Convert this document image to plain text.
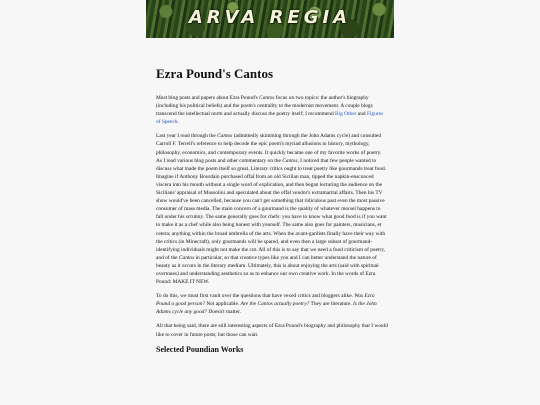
ARVA REGIA
Ezra Pound's Cantos

Most blog posts and papers about Ezra Pound's Cantos focus on two topics: the author's biography (including his political beliefs) and the poem's centrality to the modernist movement. A couple blogs transcend the intellectual norm and actually discuss the poetry itself; I recommend Big Other and Figures of Speech.

Last year I read through the Cantos (admittedly skimming through the John Adams cycle) and consulted Carroll F. Terrell's reference to help decode the epic poem's myriad allusions to history, mythology, philosophy, economics, and contemporary events. It quickly became one of my favorite works of poetry. As I read various blog posts and other commentary on the Cantos, I noticed that few people wanted to discuss what made the poem itself so great. Literary critics ought to treat poetry like gourmands treat food. Imagine if Anthony Bourdain purchased offal from an old Sicilian man, tipped the napkin-ensconced viscera into his mouth without a single word of explication, and then began lecturing the audience on the Sicilians' appraisal of Mussolini and speculated about the offal vendor's extramarital affairs. Then his TV show would've been cancelled, because you can't get something that ridiculous past even the most passive consumer of mass media. The main concern of a gourmand is the quality of whatever morsel happens to fall under his scrutiny. The same generally goes for chefs: you have to know what good food is if you want to make it as a chef while also being honest with yourself. The same also goes for painters, musicians, et cetera; anything within the broad umbrella of the arts. When the avant-gardists finally have their way with the critics (in Minecraft), only gourmands will be spared, and even then a large subset of gourmand-identifying individuals might not make the cut. All of this is to say that we need a food criticism of poetry, and of the Cantos in particular, so that creative types like you and I can better understand the nature of beauty as it occurs in the literary medium. Ultimately, this is about enjoying the arts (said with spiritual overtones) and understanding aesthetics so as to enhance our own creative work. In the words of Ezra Pound: MAKE IT NEW.

To do this, we must first vault over the questions that have vexed critics and bloggers alike. Was Ezra Pound a good person? Not applicable. Are the Cantos actually poetry? They are literature. Is the John Adams cycle any good? Doesn't matter.

All that being said, there are still interesting aspects of Ezra Pound's biography and philosophy that I would like to cover in future posts; but those can wait.

Selected Poundian Works
